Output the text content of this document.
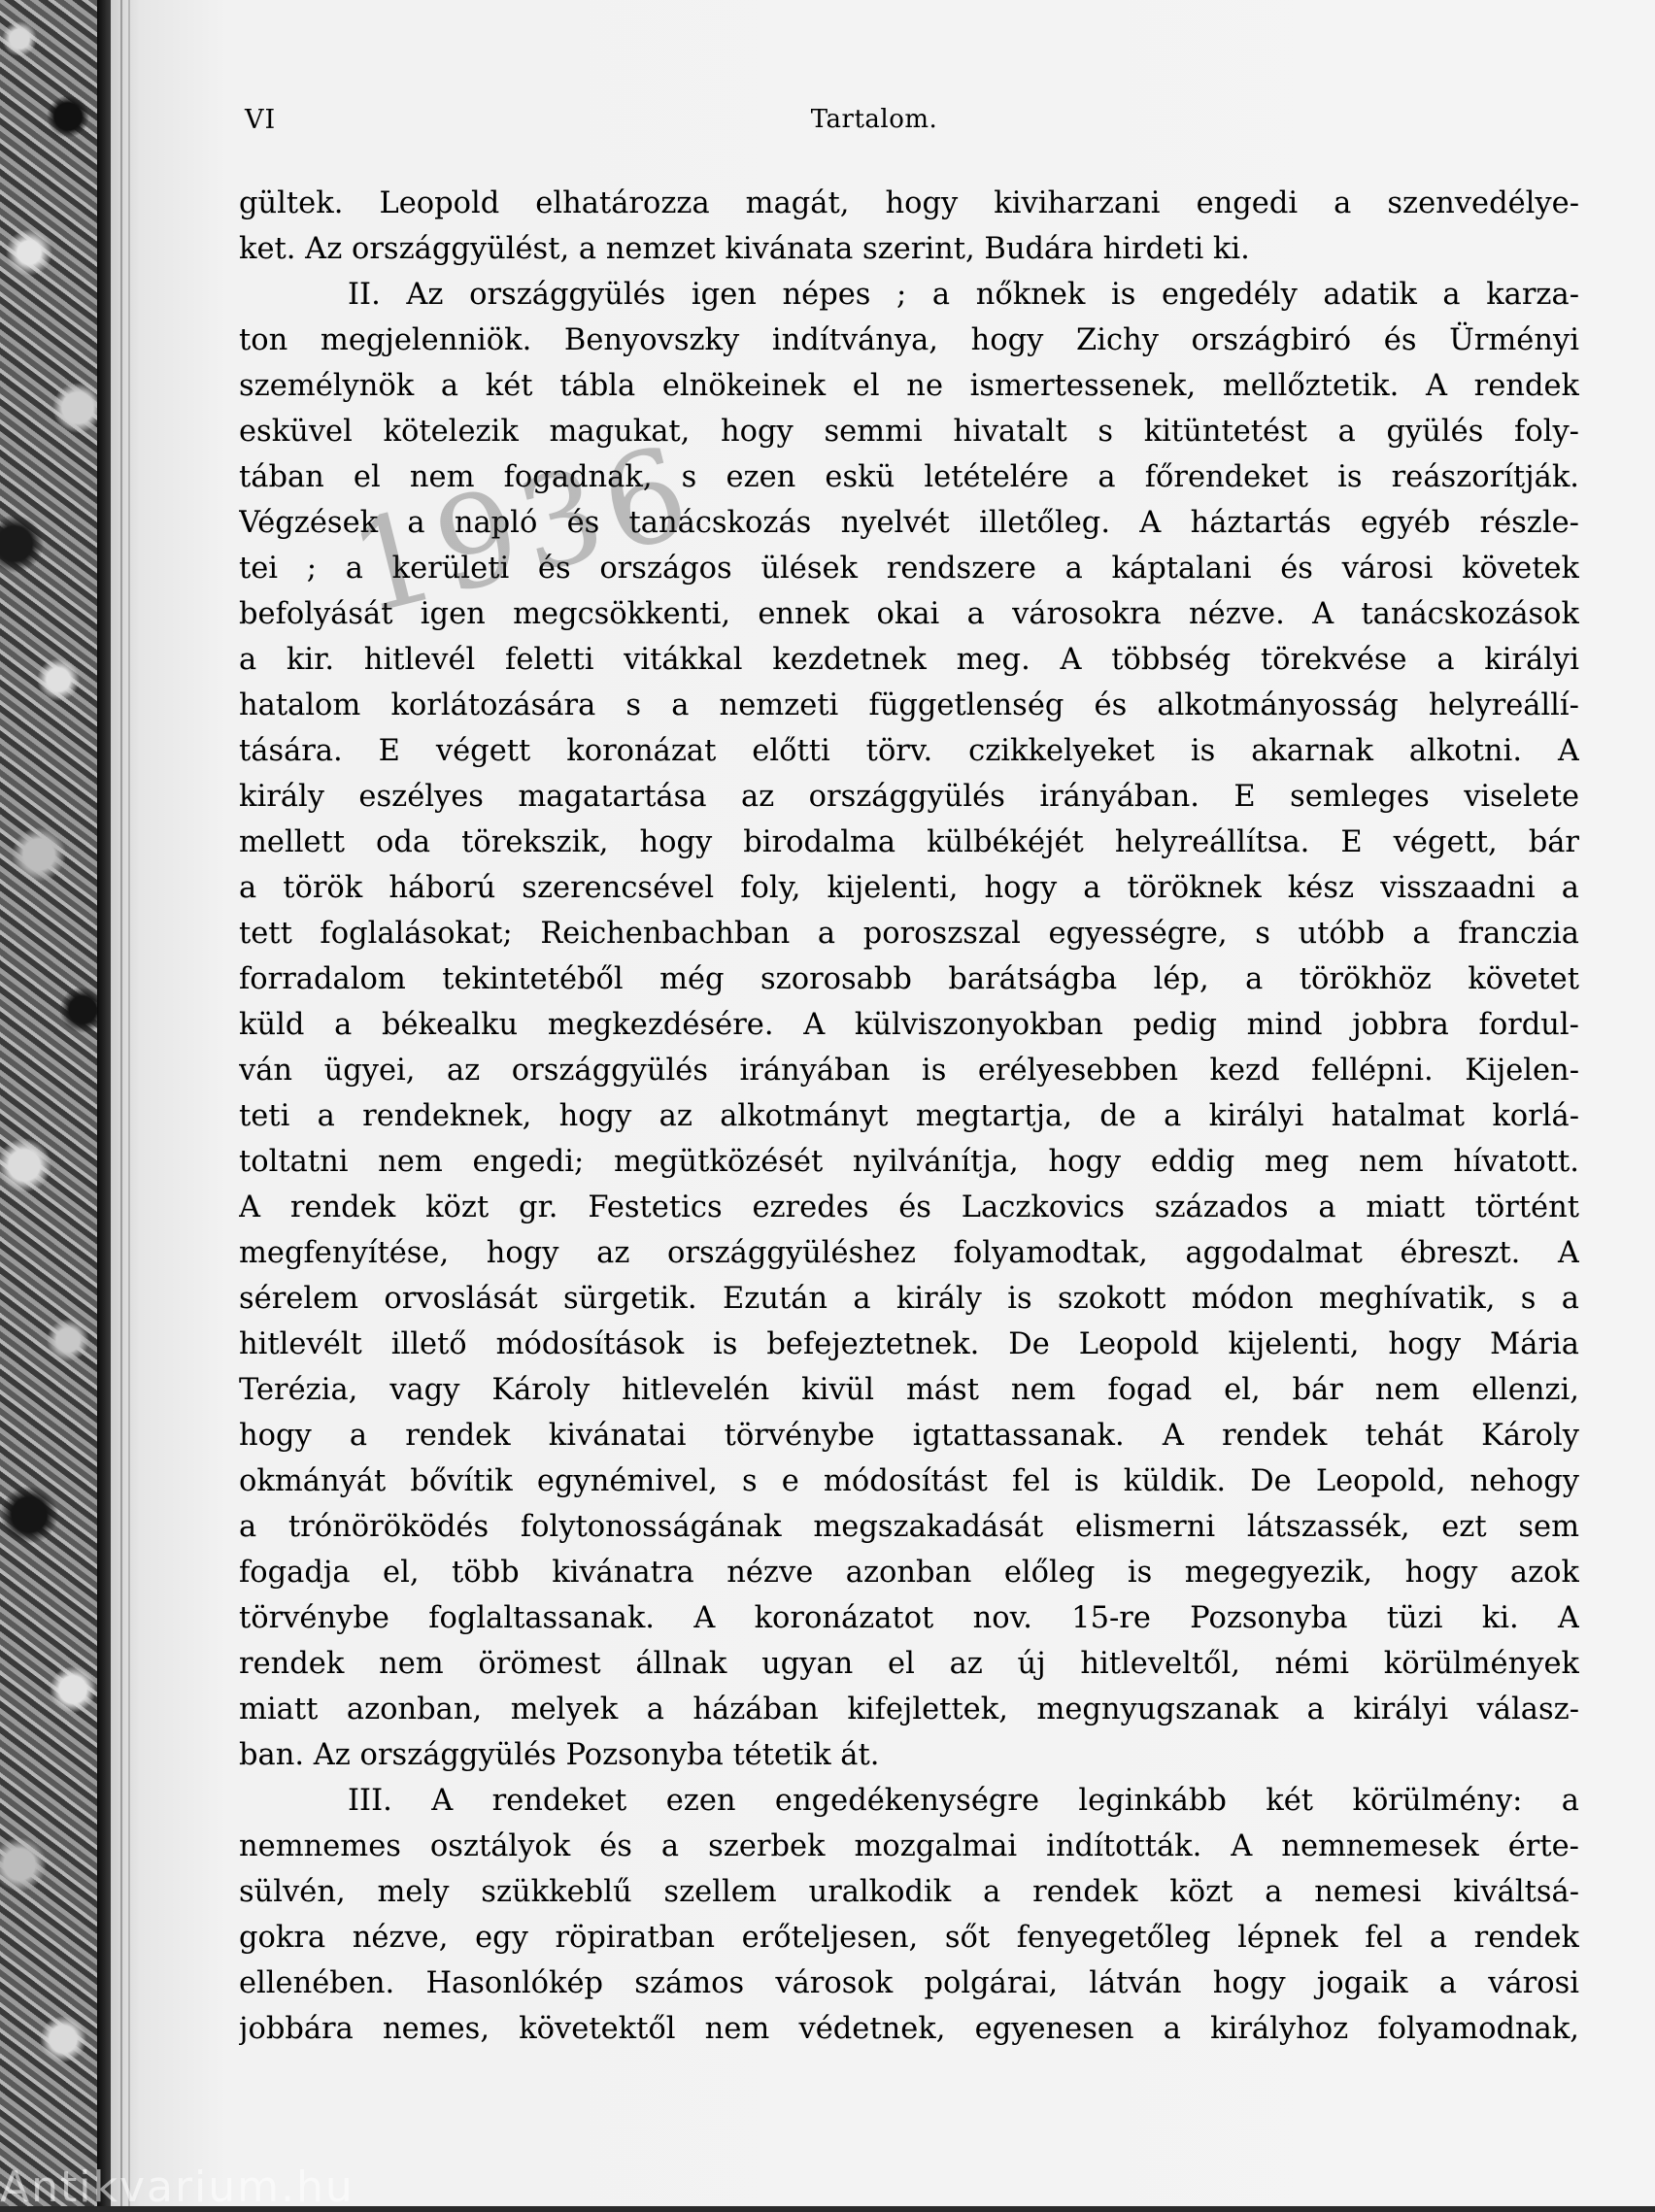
VI	Tartalom.
gültek. Leopold elhatározza magát, hogy kiviharzani engedi a szenvedélye-
ket. Az országgyülést, a nemzet kivánata szerint, Budára hirdeti ki.
II. Az országgyülés igen népes ; a nőknek is engedély adatik a karza-
ton megjelenniök. Benyovszky indítványa, hogy Zichy országbiró és Ürményi
személynök a két tábla elnökeinek el ne ismertessenek, mellőztetik. A rendek
esküvel kötelezik magukat, hogy semmi hivatalt s kitüntetést a gyülés foly-
tában el nem fogadnak, s ezen eskü letételére a főrendeket is reászorítják.
Végzések a napló és tanácskozás nyelvét illetőleg. A háztartás egyéb részle-
tei ; a kerületi és országos ülések rendszere a káptalani és városi követek
befolyását igen megcsökkenti, ennek okai a városokra nézve. A tanácskozások
a kir. hitlevél feletti vitákkal kezdetnek meg. A többség törekvése a királyi
hatalom korlátozására s a nemzeti függetlenség és alkotmányosság helyreállí-
tására. E végett koronázat előtti törv. czikkelyeket is akarnak alkotni. A
király eszélyes magatartása az országgyülés irányában. E semleges viselete
mellett oda törekszik, hogy birodalma külbékéjét helyreállítsa. E végett, bár
a török háború szerencsével foly, kijelenti, hogy a töröknek kész visszaadni a
tett foglalásokat; Reichenbachban a poroszszal egyességre, s utóbb a franczia
forradalom tekintetéből még szorosabb barátságba lép, a törökhöz követet
küld a békealku megkezdésére. A külviszonyokban pedig mind jobbra fordul-
ván ügyei, az országgyülés irányában is erélyesebben kezd fellépni. Kijelen-
teti a rendeknek, hogy az alkotmányt megtartja, de a királyi hatalmat korlá-
toltatni nem engedi; megütközését nyilvánítja, hogy eddig meg nem hívatott.
A rendek közt gr. Festetics ezredes és Laczkovics százados a miatt történt
megfenyítése, hogy az országgyüléshez folyamodtak, aggodalmat ébreszt. A
sérelem orvoslását sürgetik. Ezután a király is szokott módon meghívatik, s a
hitlevélt illető módosítások is befejeztetnek. De Leopold kijelenti, hogy Mária
Terézia, vagy Károly hitlevelén kivül mást nem fogad el, bár nem ellenzi,
hogy a rendek kivánatai törvénybe igtattassanak. A rendek tehát Károly
okmányát bővítik egynémivel, s e módosítást fel is küldik. De Leopold, nehogy
a trónöröködés folytonosságának megszakadását elismerni látszassék, ezt sem
fogadja el, több kivánatra nézve azonban előleg is megegyezik, hogy azok
törvénybe foglaltassanak. A koronázatot nov. 15-re Pozsonyba tüzi ki. A
rendek nem örömest állnak ugyan el az új hitleveltől, némi körülmények
miatt azonban, melyek a házában kifejlettek, megnyugszanak a királyi válasz-
ban. Az országgyülés Pozsonyba tétetik át.
III. A rendeket ezen engedékenységre leginkább két körülmény: a
nemnemes osztályok és a szerbek mozgalmai indították. A nemnemesek érte-
sülvén, mely szükkeblű szellem uralkodik a rendek közt a nemesi kiváltsá-
gokra nézve, egy röpiratban erőteljesen, sőt fenyegetőleg lépnek fel a rendek
ellenében. Hasonlókép számos városok polgárai, látván hogy jogaik a városi
jobbára nemes, követektől nem védetnek, egyenesen a királyhoz folyamodnak,
1936
Antikvarium.hu
